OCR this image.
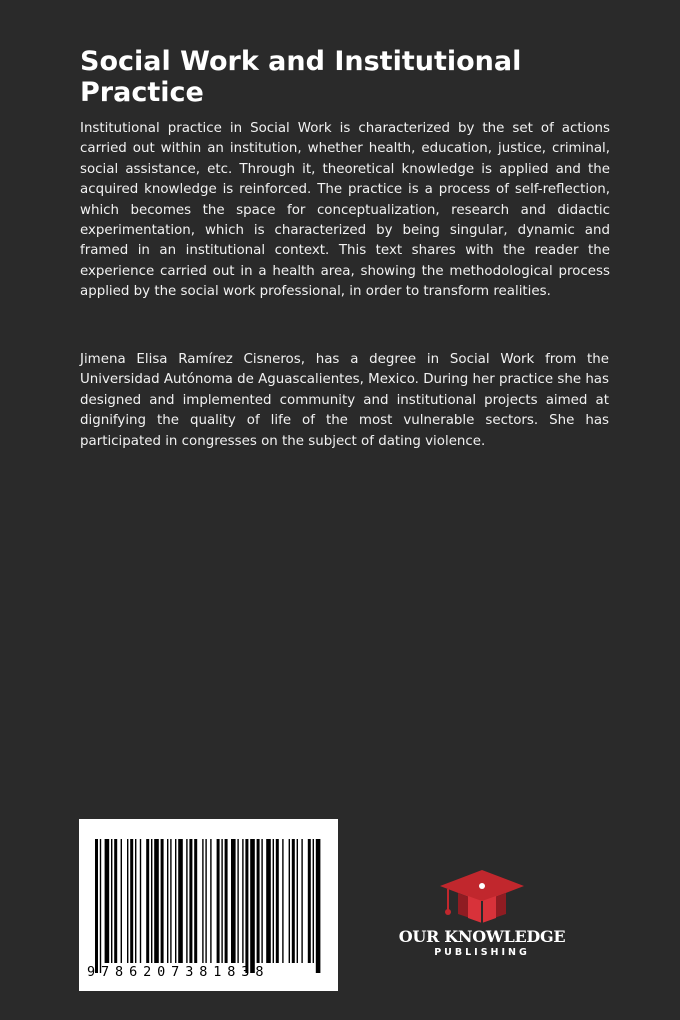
Social Work and Institutional Practice

Institutional practice in Social Work is characterized by the set of actions carried out within an institution, whether health, education, justice, criminal, social assistance, etc. Through it, theoretical knowledge is applied and the acquired knowledge is reinforced. The practice is a process of self-reflection, which becomes the space for conceptualization, research and didactic experimentation, which is characterized by being singular, dynamic and framed in an institutional context. This text shares with the reader the experience carried out in a health area, showing the methodological process applied by the social work professional, in order to transform realities.

Jimena Elisa Ramírez Cisneros, has a degree in Social Work from the Universidad Autónoma de Aguascalientes, Mexico. During her practice she has designed and implemented community and institutional projects aimed at dignifying the quality of life of the most vulnerable sectors. She has participated in congresses on the subject of dating violence.

9786207381838
OUR KNOWLEDGE
PUBLISHING
